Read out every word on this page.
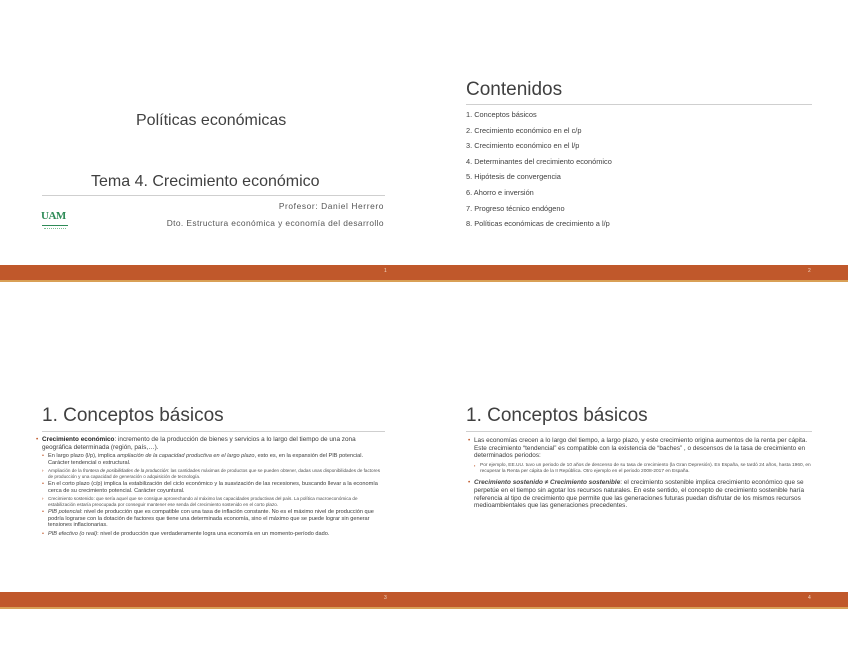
Políticas económicas
Tema 4. Crecimiento económico
Profesor: Daniel Herrero
Dto. Estructura económica y economía del desarrollo
UAM
Contenidos
1. Conceptos básicos
2. Crecimiento económico en el c/p
3. Crecimiento económico en el l/p
4. Determinantes del crecimiento económico
5. Hipótesis de convergencia
6. Ahorro e inversión
7. Progreso técnico endógeno
8. Políticas económicas de crecimiento a l/p
1	2
1. Conceptos básicos
• Crecimiento económico: incremento de la producción de bienes y servicios a lo largo del tiempo de una zona geográfica determinada (región, país,…).
• En largo plazo (l/p), implica ampliación de la capacidad productiva en el largo plazo, esto es, en la expansión del PIB potencial. Carácter tendencial o estructural.
› Ampliación de la frontera de posibilidades de la producción: las cantidades máximas de productos que se pueden obtener, dadas unas disponibilidades de factores de producción y una capacidad de generación o adquisición de tecnología.
• En el corto plazo (c/p) implica la estabilización del ciclo económico y la suavización de las recesiones, buscando llevar a la economía cerca de su crecimiento potencial. Carácter coyuntural.
› Crecimiento sostenido: que sería aquel que se consigue aprovechando al máximo las capacidades productivas del país. La política macroeconómica de estabilización estaría preocupada por conseguir mantener ese senda del crecimiento sostenido en el corto plazo.
• PIB potencial: nivel de producción que es compatible con una tasa de inflación constante. No es el máximo nivel de producción que podría lograrse con la dotación de factores que tiene una determinada economía, sino el máximo que se puede lograr sin generar tensiones inflacionarias.
• PIB efectivo (o real): nivel de producción que verdaderamente logra una economía en un momento-período dado.
1. Conceptos básicos
• Las economías crecen a lo largo del tiempo, a largo plazo, y este crecimiento origina aumentos de la renta per cápita. Este crecimiento “tendencial” es compatible con la existencia de “baches” , o descensos de la tasa de crecimiento en determinados periodos:
▪ Por ejemplo, EE.UU. tuvo un periodo de 10 años de descenso de su tasa de crecimiento (la Gran Depresión). En España, se tardó 24 años, hasta 1960, en recuperar la Renta per cápita de la II República. Otro ejemplo en el periodo 2008-2017 en España.
• Crecimiento sostenido ≠ Crecimiento sostenible: el crecimiento sostenible implica crecimiento económico que se perpetúe en el tiempo sin agotar los recursos naturales. En este sentido, el concepto de crecimiento sostenible haría referencia al tipo de crecimiento que permite que las generaciones futuras puedan disfrutar de los mismos recursos medioambientales que las generaciones precedentes.
3	4
